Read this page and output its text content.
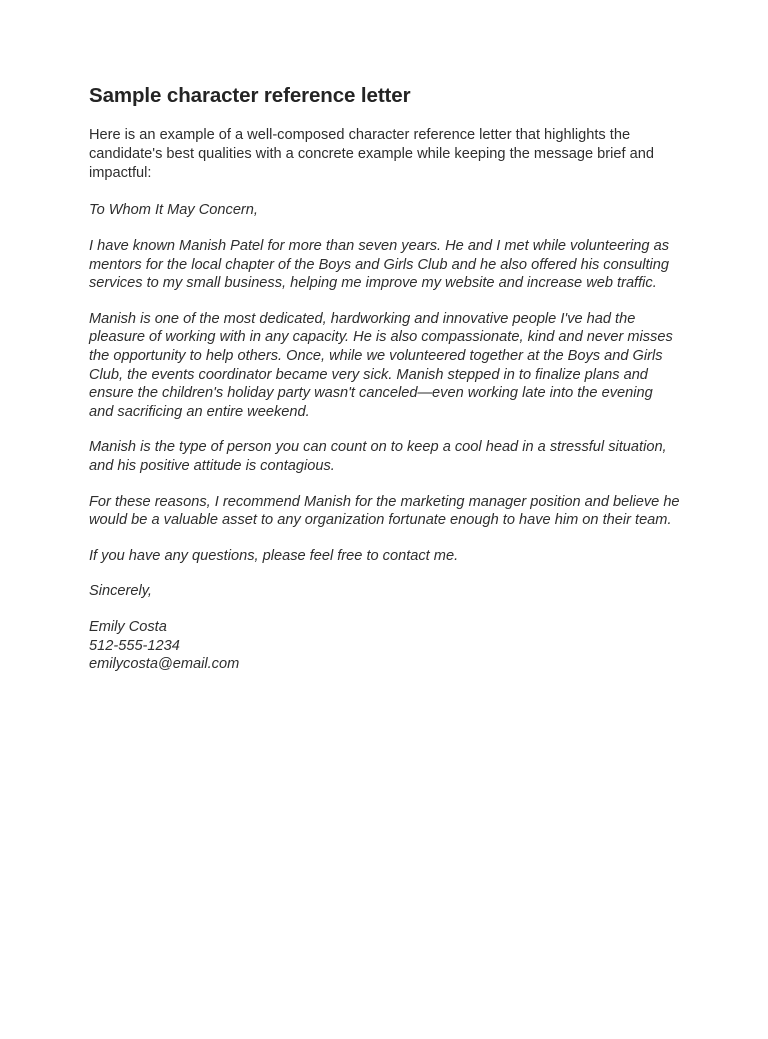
Sample character reference letter

Here is an example of a well-composed character reference letter that highlights the candidate's best qualities with a concrete example while keeping the message brief and impactful:

To Whom It May Concern,

I have known Manish Patel for more than seven years. He and I met while volunteering as mentors for the local chapter of the Boys and Girls Club and he also offered his consulting services to my small business, helping me improve my website and increase web traffic.

Manish is one of the most dedicated, hardworking and innovative people I've had the pleasure of working with in any capacity. He is also compassionate, kind and never misses the opportunity to help others. Once, while we volunteered together at the Boys and Girls Club, the events coordinator became very sick. Manish stepped in to finalize plans and ensure the children's holiday party wasn't canceled—even working late into the evening and sacrificing an entire weekend.

Manish is the type of person you can count on to keep a cool head in a stressful situation, and his positive attitude is contagious.

For these reasons, I recommend Manish for the marketing manager position and believe he would be a valuable asset to any organization fortunate enough to have him on their team.

If you have any questions, please feel free to contact me.

Sincerely,

Emily Costa
512-555-1234
emilycosta@email.com
